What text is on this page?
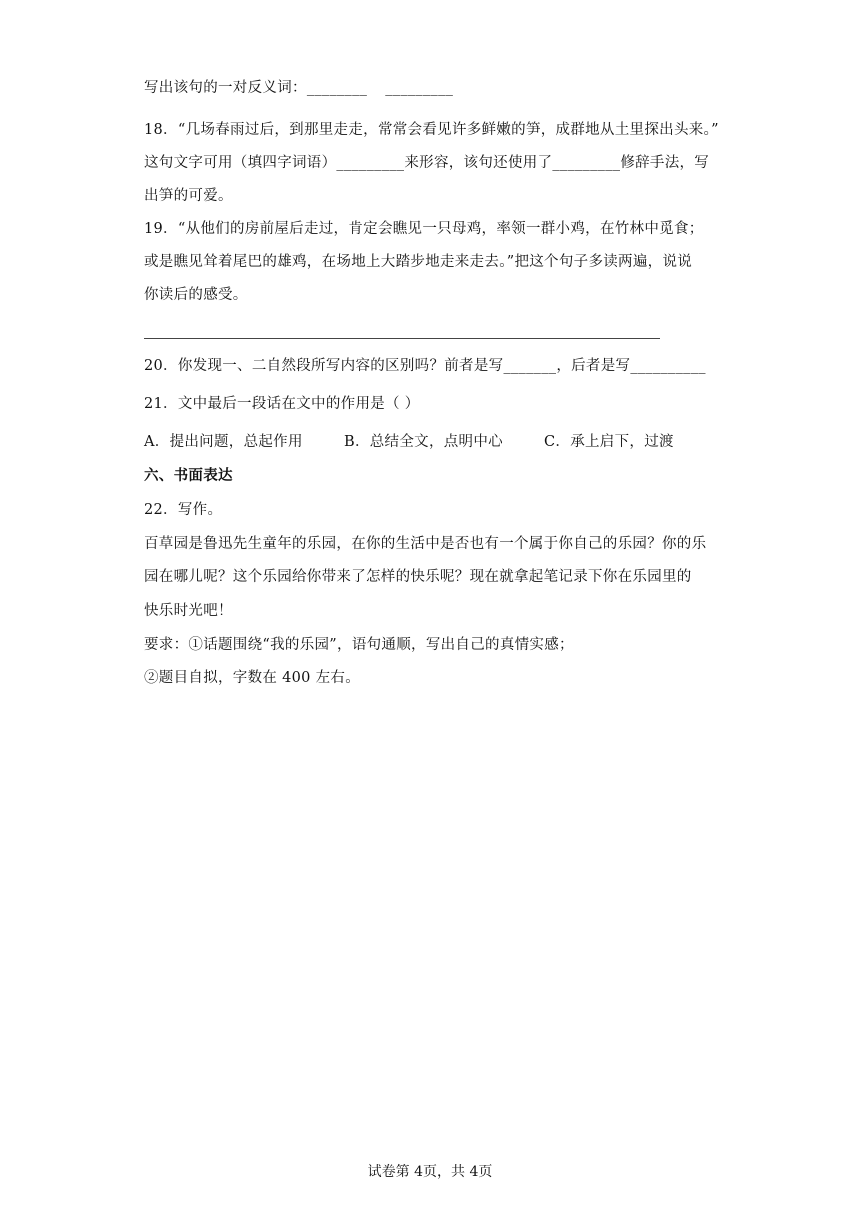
写出该句的一对反义词：________ _________
18．“几场春雨过后，到那里走走，常常会看见许多鲜嫩的笋，成群地从土里探出头来。”
这句文字可用（填四字词语）_________来形容，该句还使用了_________修辞手法，写
出笋的可爱。
19．“从他们的房前屋后走过，肯定会瞧见一只母鸡，率领一群小鸡，在竹林中觅食；
或是瞧见耸着尾巴的雄鸡，在场地上大踏步地走来走去。”把这个句子多读两遍，说说
你读后的感受。
20．你发现一、二自然段所写内容的区别吗？前者是写_______，后者是写__________
21．文中最后一段话在文中的作用是（ ）
A．提出问题，总起作用	B．总结全文，点明中心	C．承上启下，过渡
六、书面表达
22．写作。
百草园是鲁迅先生童年的乐园，在你的生活中是否也有一个属于你自己的乐园？你的乐
园在哪儿呢？这个乐园给你带来了怎样的快乐呢？现在就拿起笔记录下你在乐园里的
快乐时光吧！
要求：①话题围绕“我的乐园”，语句通顺，写出自己的真情实感；
②题目自拟，字数在 400 左右。
试卷第 4页，共 4页
